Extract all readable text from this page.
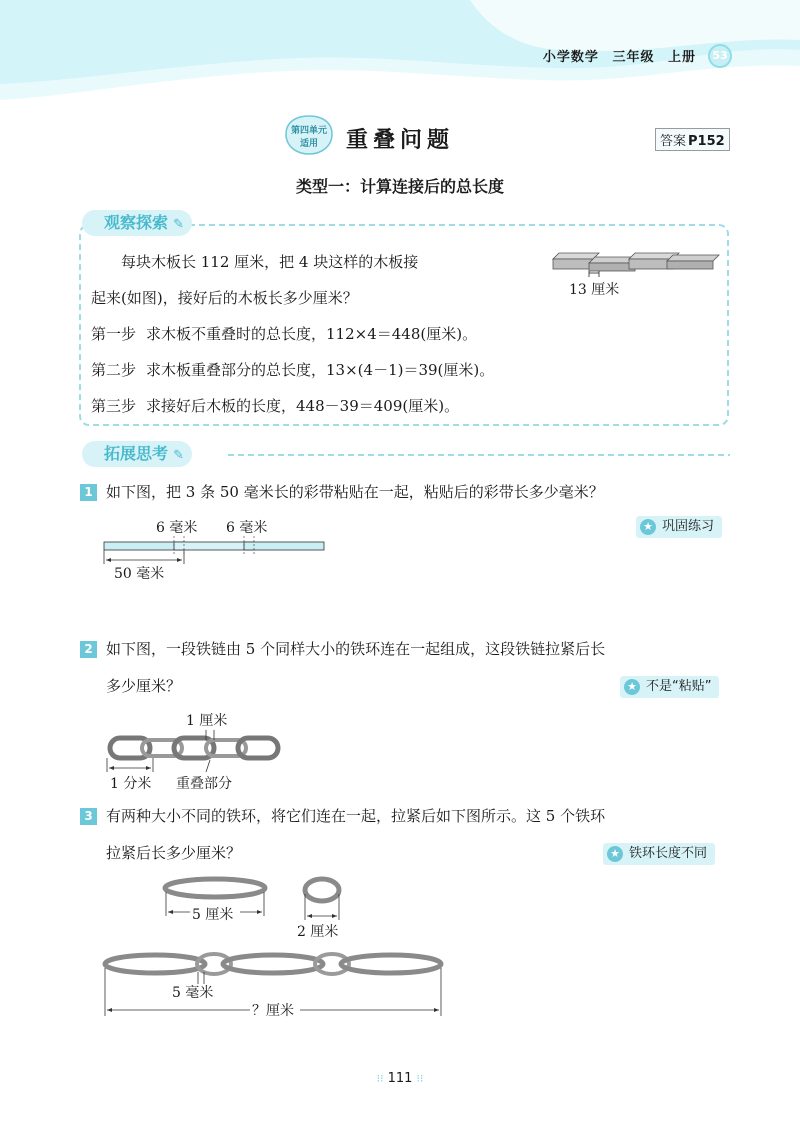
小学数学 三年级 上册	53
第四单元
适用	重叠问题	答案 P152
类型一：计算连接后的总长度
观察探索 ✎
每块木板长 112 厘米，把 4 块这样的木板接
起来(如图)，接好后的木板长多少厘米？	13 厘米
第一步 求木板不重叠时的总长度，112×4＝448(厘米)。
第二步 求木板重叠部分的总长度，13×(4－1)＝39(厘米)。
第三步 求接好后木板的长度，448－39＝409(厘米)。
拓展思考 ✎
1 如下图，把 3 条 50 毫米长的彩带粘贴在一起，粘贴后的彩带长多少毫米？
★ 巩固练习
6 毫米 6 毫米
50 毫米
2 如下图，一段铁链由 5 个同样大小的铁环连在一起组成，这段铁链拉紧后长
多少厘米？	★ 不是“粘贴”
1 厘米
1 分米 重叠部分
3 有两种大小不同的铁环，将它们连在一起，拉紧后如下图所示。这 5 个铁环
拉紧后长多少厘米？	★ 铁环长度不同
5 厘米
2 厘米
5 毫米
？厘米
⁝⁝ 111 ⁝⁝
